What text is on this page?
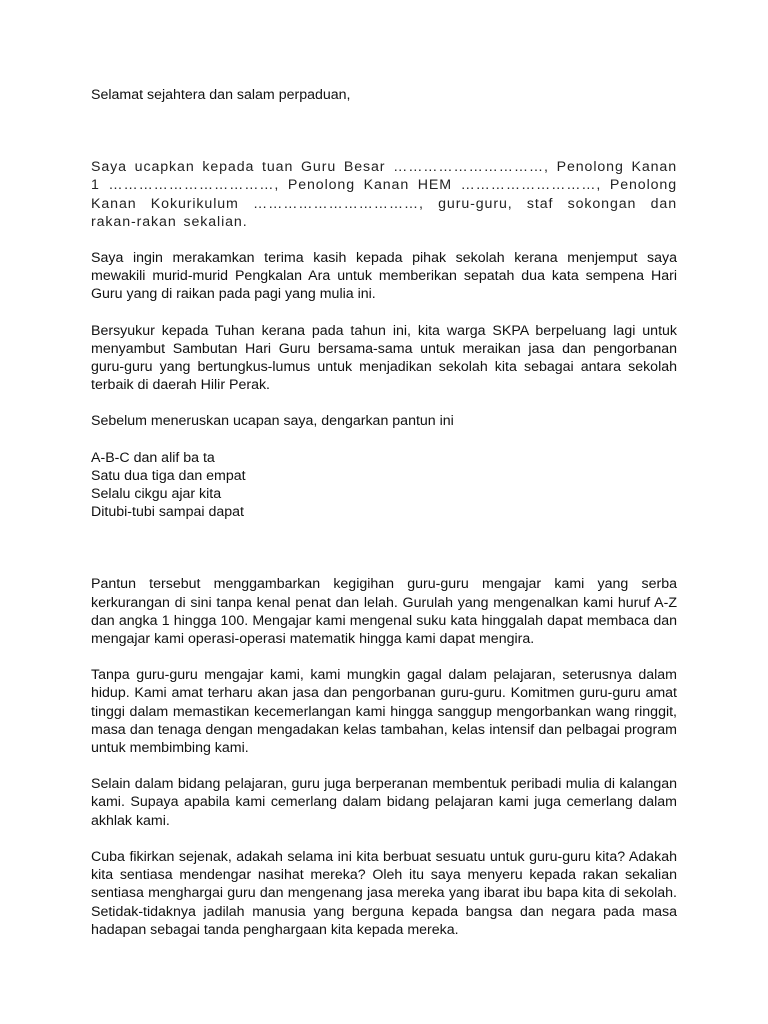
Selamat sejahtera dan salam perpaduan,

Saya ucapkan kepada tuan Guru Besar …………………………, Penolong Kanan 1 ……………………………, Penolong Kanan HEM ………………………, Penolong Kanan Kokurikulum ……………………………, guru-guru, staf sokongan dan rakan-rakan sekalian.

Saya ingin merakamkan terima kasih kepada pihak sekolah kerana menjemput saya mewakili murid-murid Pengkalan Ara untuk memberikan sepatah dua kata sempena Hari Guru yang di raikan pada pagi yang mulia ini.

Bersyukur kepada Tuhan kerana pada tahun ini, kita warga SKPA berpeluang lagi untuk menyambut Sambutan Hari Guru bersama-sama untuk meraikan jasa dan pengorbanan guru-guru yang bertungkus-lumus untuk menjadikan sekolah kita sebagai antara sekolah terbaik di daerah Hilir Perak.

Sebelum meneruskan ucapan saya, dengarkan pantun ini

A-B-C dan alif ba ta
Satu dua tiga dan empat
Selalu cikgu ajar kita
Ditubi-tubi sampai dapat

Pantun tersebut menggambarkan kegigihan guru-guru mengajar kami yang serba kerkurangan di sini tanpa kenal penat dan lelah. Gurulah yang mengenalkan kami huruf A-Z dan angka 1 hingga 100. Mengajar kami mengenal suku kata hinggalah dapat membaca dan mengajar kami operasi-operasi matematik hingga kami dapat mengira.

Tanpa guru-guru mengajar kami, kami mungkin gagal dalam pelajaran, seterusnya dalam hidup. Kami amat terharu akan jasa dan pengorbanan guru-guru. Komitmen guru-guru amat tinggi dalam memastikan kecemerlangan kami hingga sanggup mengorbankan wang ringgit, masa dan tenaga dengan mengadakan kelas tambahan, kelas intensif dan pelbagai program untuk membimbing kami.

Selain dalam bidang pelajaran, guru juga berperanan membentuk peribadi mulia di kalangan kami. Supaya apabila kami cemerlang dalam bidang pelajaran kami juga cemerlang dalam akhlak kami.

Cuba fikirkan sejenak, adakah selama ini kita berbuat sesuatu untuk guru-guru kita? Adakah kita sentiasa mendengar nasihat mereka? Oleh itu saya menyeru kepada rakan sekalian sentiasa menghargai guru dan mengenang jasa mereka yang ibarat ibu bapa kita di sekolah. Setidak-tidaknya jadilah manusia yang berguna kepada bangsa dan negara pada masa hadapan sebagai tanda penghargaan kita kepada mereka.
